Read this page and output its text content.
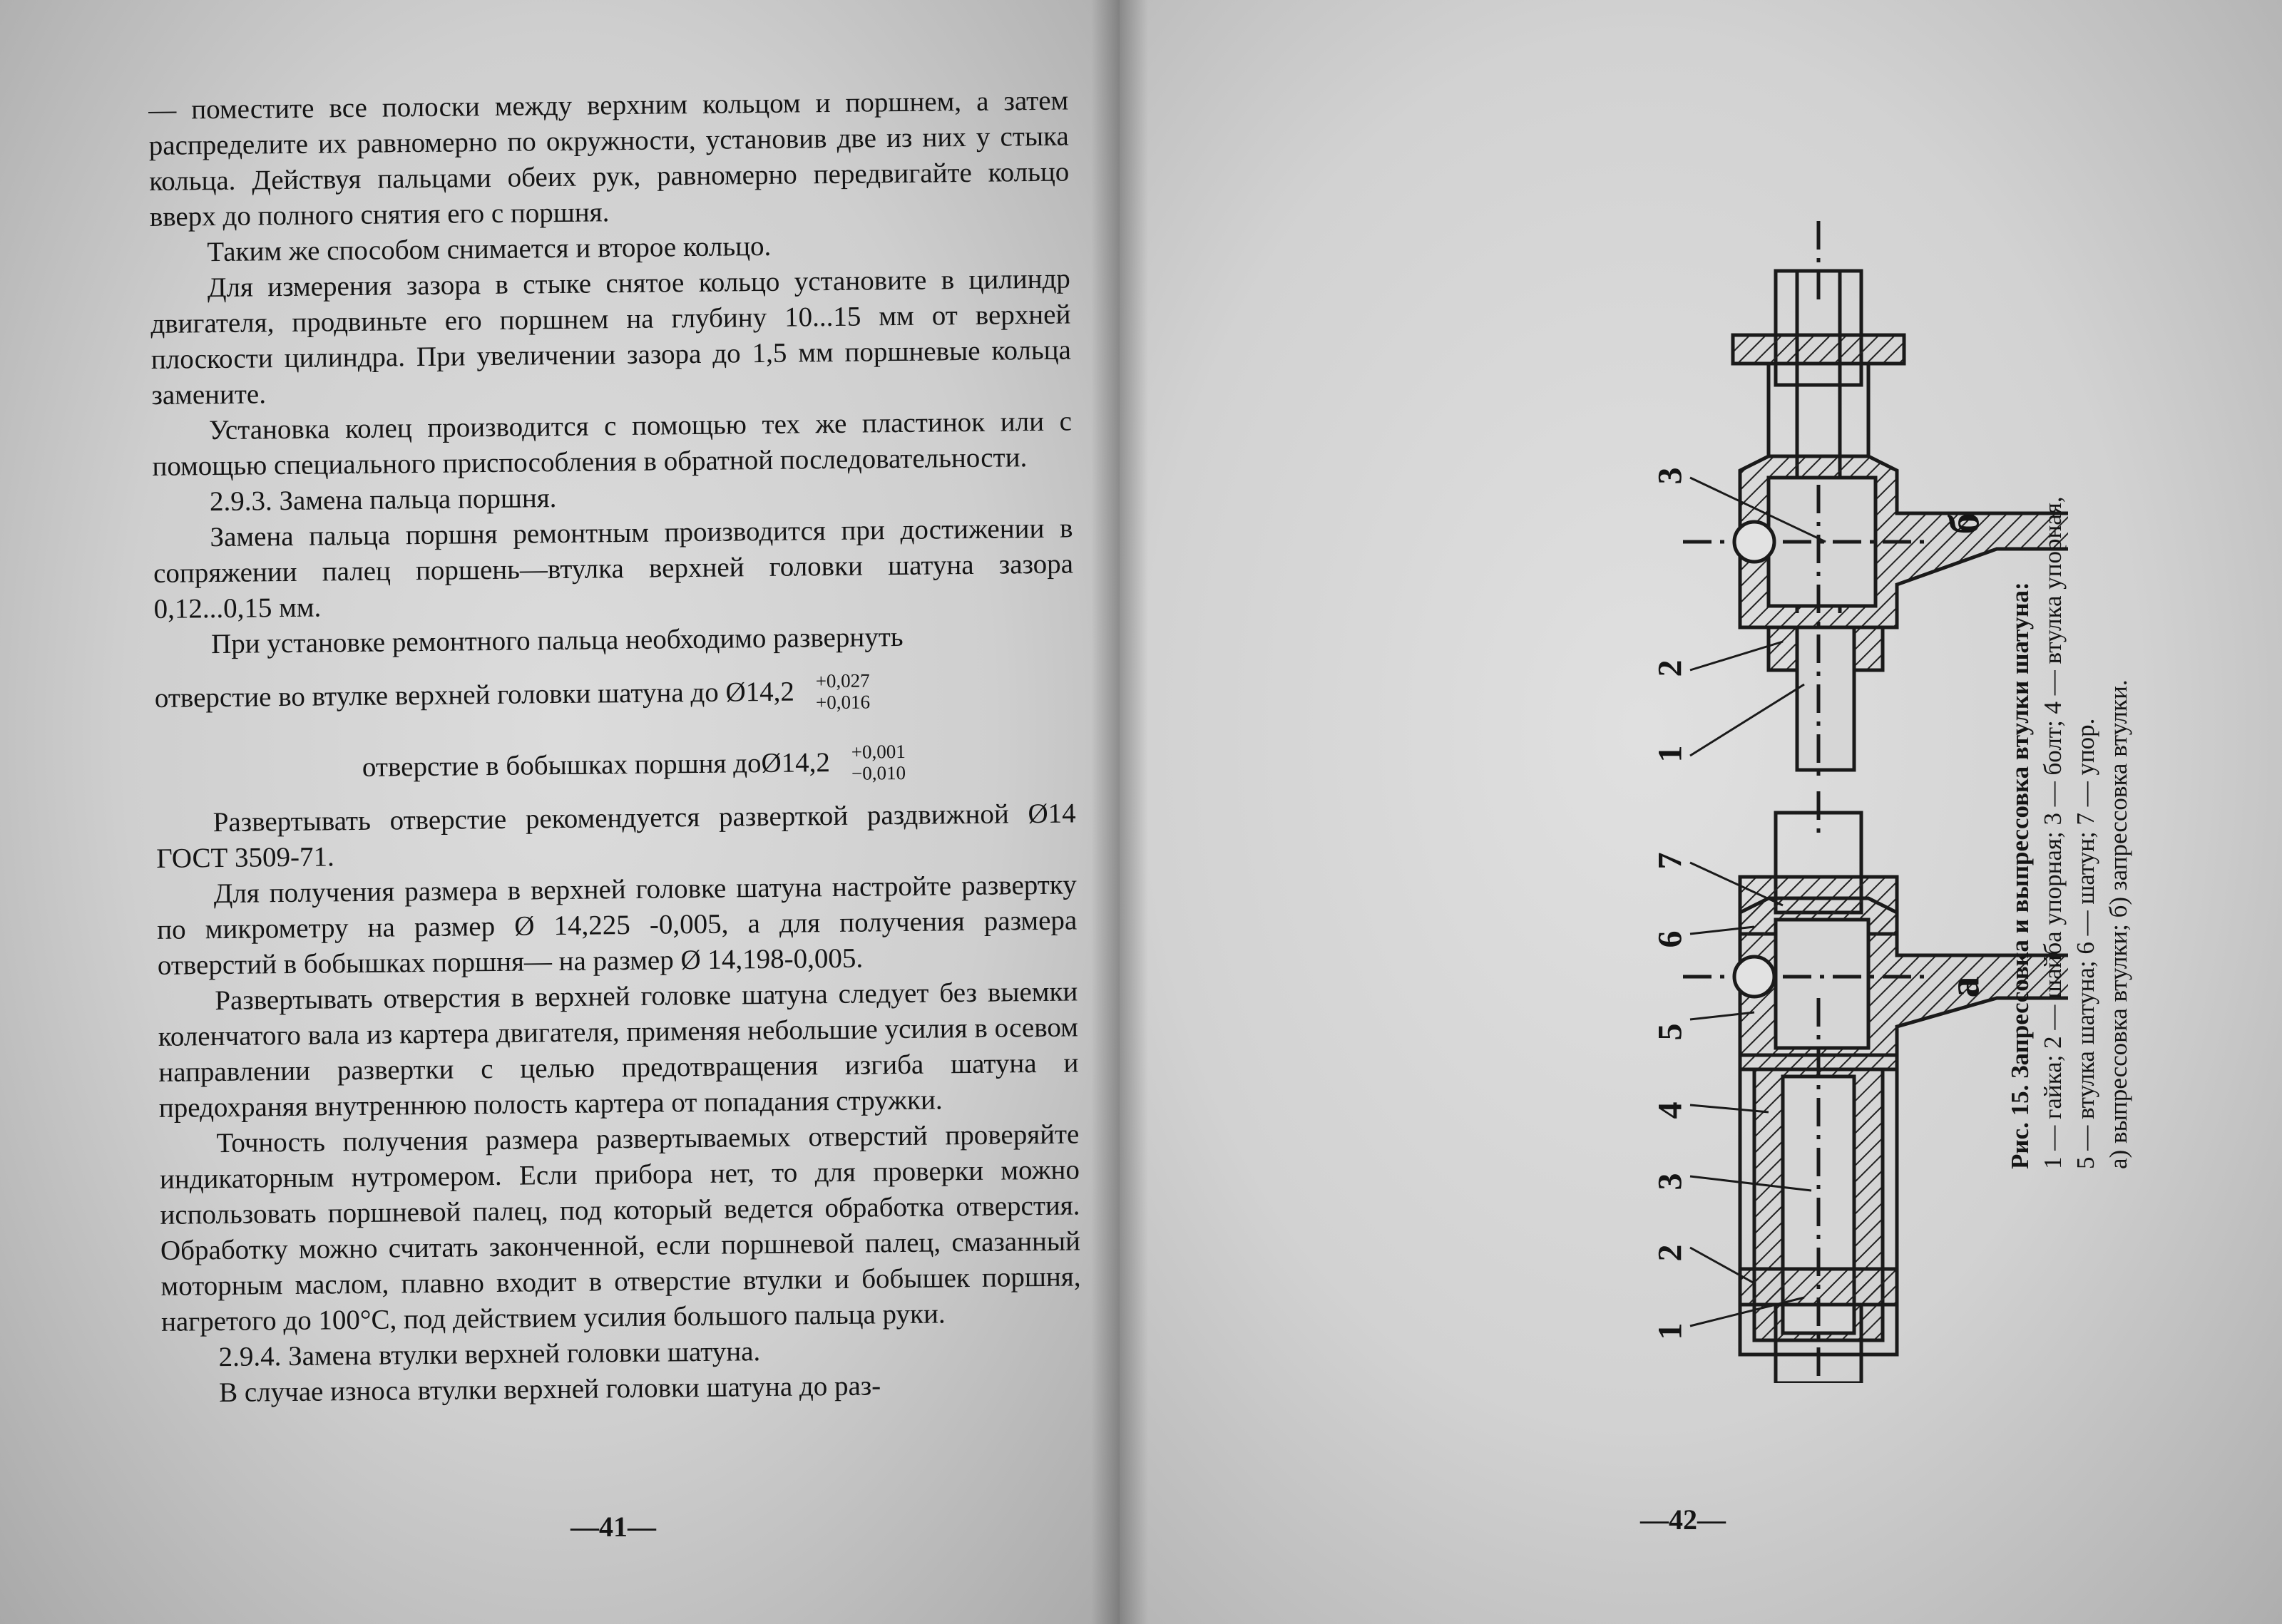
— поместите все полоски между верхним кольцом и поршнем, а затем распределите их равномерно по окружности, установив две из них у стыка кольца. Действуя пальцами обеих рук, равномерно передвигайте кольцо вверх до полного снятия его с поршня.

Таким же способом снимается и второе кольцо.

Для измерения зазора в стыке снятое кольцо установите в цилиндр двигателя, продвиньте его поршнем на глубину 10...15 мм от верхней плоскости цилиндра. При увеличении зазора до 1,5 мм поршневые кольца замените.

Установка колец производится с помощью тех же пластинок или с помощью специального приспособления в обратной последовательности.

2.9.3. Замена пальца поршня.

Замена пальца поршня ремонтным производится при достижении в сопряжении палец поршень—втулка верхней головки шатуна зазора 0,12...0,15 мм.

При установке ремонтного пальца необходимо развернуть

отверстие во втулке верхней головки шатуна до Ø14,2 +0,027
+0,016
отверстие в бобышках поршня доØ14,2 +0,001
−0,010

Развертывать отверстие рекомендуется разверткой раздвижной Ø14 ГОСТ 3509-71.

Для получения размера в верхней головке шатуна настройте развертку по микрометру на размер Ø 14,225 -0,005, а для получения размера отверстий в бобышках поршня— на размер Ø 14,198-0,005.

Развертывать отверстия в верхней головке шатуна следует без выемки коленчатого вала из картера двигателя, применяя небольшие усилия в осевом направлении развертки с целью предотвращения изгиба шатуна и предохраняя внутреннюю полость картера от попадания стружки.

Точность получения размера развертываемых отверстий проверяйте индикаторным нутромером. Если прибора нет, то для проверки можно использовать поршневой палец, под который ведется обработка отверстия. Обработку можно считать законченной, если поршневой палец, смазанный моторным маслом, плавно входит в отверстие втулки и бобышек поршня, нагретого до 100°С, под действием усилия большого пальца руки.

2.9.4. Замена втулки верхней головки шатуна.

В случае износа втулки верхней головки шатуна до раз-

—41—
3
2
1
7
6
5
4
3
2
1
б
а Рис. 15. Запрессовка и выпрессовка втулки шатуна: 1 — гайка; 2 — шайба упорная; 3 — болт; 4 — втулка упорная, 5 — втулка шатуна; 6 — шатун; 7 — упор. а) выпрессовка втулки; б) запрессовка втулки.
—42—
